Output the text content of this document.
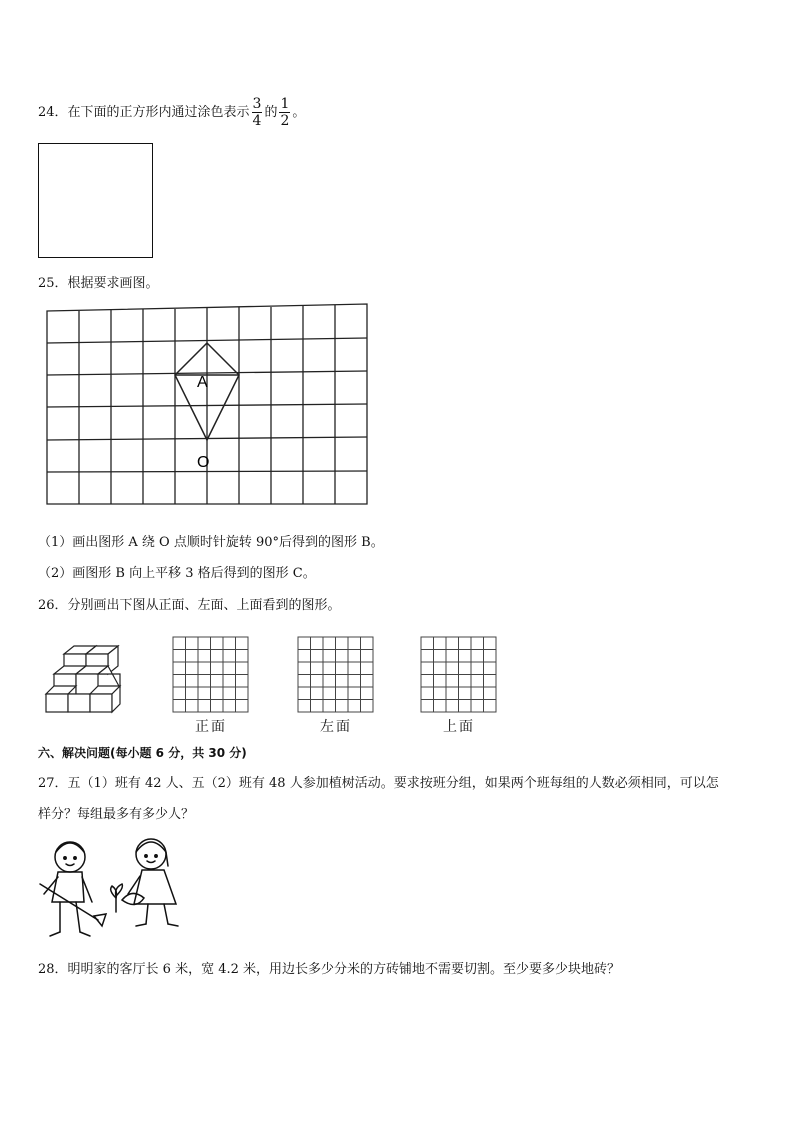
24．在下面的正方形内通过涂色表示 $\frac{3}{4}$ 的 $\frac{1}{2}$ 。
25．根据要求画图。
A
O
（1）画出图形 A 绕 O 点顺时针旋转 90°后得到的图形 B。
（2）画图形 B 向上平移 3 格后得到的图形 C。
26．分别画出下图从正面、左面、上面看到的图形。
正面	左面	上面
六、解决问题(每小题 6 分，共 30 分)
27．五（1）班有 42 人、五（2）班有 48 人参加植树活动。要求按班分组，如果两个班每组的人数必须相同，可以怎
样分？每组最多有多少人？
28．明明家的客厅长 6 米，宽 4.2 米，用边长多少分米的方砖铺地不需要切割。至少要多少块地砖？
